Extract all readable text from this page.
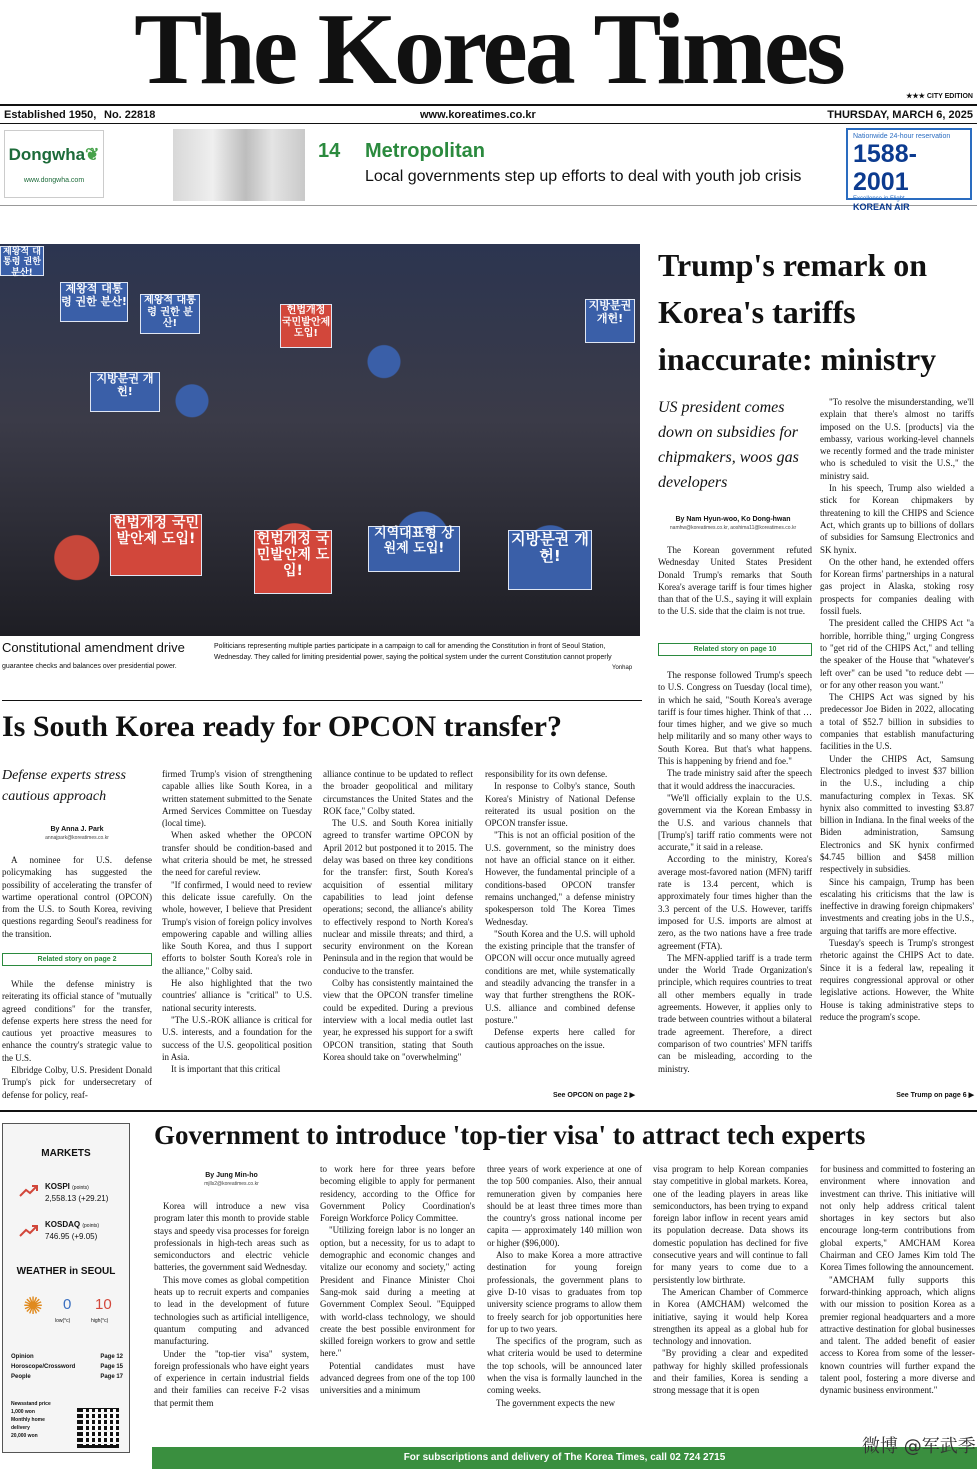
The Korea Times	★★★ CITY EDITION
Established 1950, No. 22818	www.koreatimes.co.kr	THURSDAY, MARCH 6, 2025
Dongwha❦
www.dongwha.com
14 Metropolitan
Local governments step up efforts to deal with youth job crisis
Nationwide 24-hour reservation
1588-2001
Excellence in Flight
KOREAN AIR
제왕적 대통령 권한 분산!
제왕적 대통령 권한 분산!	제왕적 대통령 권한 분산!
헌법개정 국민발안제 도입!
지방분권 개헌!
지방분권 개헌!
헌법개정 국민발안제 도입!	헌법개정 국민발안제 도입!
지역대표형 상원제 도입!
지방분권 개헌!
Constitutional amendment drive
guarantee checks and balances over presidential power.
Politicians representing multiple parties participate in a campaign to call for amending the Constitution in front of Seoul Station, Wednesday. They called for limiting presidential power, saying the political system under the current Constitution cannot properly
Yonhap
Trump's remark on Korea's tariffs inaccurate: ministry
US president comes down on subsidies for chipmakers, woos gas developers
By Nam Hyun-woo, Ko Dong-hwan
namhw@koreatimes.co.kr, aoshima11@koreatimes.co.kr

The Korean government refuted Wednesday United States President Donald Trump's remarks that South Korea's average tariff is four times higher than that of the U.S., saying it will explain to the U.S. side that the claim is not true.

Related story on page 10

The response followed Trump's speech to U.S. Congress on Tuesday (local time), in which he said, "South Korea's average tariff is four times higher. Think of that … four times higher, and we give so much help militarily and so many other ways to South Korea. But that's what happens. This is happening by friend and foe."

The trade ministry said after the speech that it would address the inaccuracies.

"We'll officially explain to the U.S. government via the Korean Embassy in the U.S. and various channels that [Trump's] tariff ratio comments were not accurate," it said in a release.

According to the ministry, Korea's average most-favored nation (MFN) tariff rate is 13.4 percent, which is approximately four times higher than the 3.3 percent of the U.S. However, tariffs imposed for U.S. imports are almost at zero, as the two nations have a free trade agreement (FTA).

The MFN-applied tariff is a trade term under the World Trade Organization's principle, which requires countries to treat all other members equally in trade agreements. However, it applies only to trade between countries without a bilateral trade agreement. Therefore, a direct comparison of two countries' MFN tariffs can be misleading, according to the ministry.

"To resolve the misunderstanding, we'll explain that there's almost no tariffs imposed on the U.S. [products] via the embassy, various working-level channels we recently formed and the trade minister who is scheduled to visit the U.S.," the ministry said.

In his speech, Trump also wielded a stick for Korean chipmakers by threatening to kill the CHIPS and Science Act, which grants up to billions of dollars of subsidies for Samsung Electronics and SK hynix.

On the other hand, he extended offers for Korean firms' partnerships in a natural gas project in Alaska, stoking rosy prospects for companies dealing with fossil fuels.

The president called the CHIPS Act "a horrible, horrible thing," urging Congress to "get rid of the CHIPS Act," and telling the speaker of the House that "whatever's left over" can be used "to reduce debt — or for any other reason you want."

The CHIPS Act was signed by his predecessor Joe Biden in 2022, allocating a total of $52.7 billion in subsidies to companies that establish manufacturing facilities in the U.S.

Under the CHIPS Act, Samsung Electronics pledged to invest $37 billion in the U.S., including a chip manufacturing complex in Texas. SK hynix also committed to investing $3.87 billion in Indiana. In the final weeks of the Biden administration, Samsung Electronics and SK hynix confirmed $4.745 billion and $458 million respectively in subsidies.

Since his campaign, Trump has been escalating his criticisms that the law is ineffective in drawing foreign chipmakers' investments and creating jobs in the U.S., arguing that tariffs are more effective.

Tuesday's speech is Trump's strongest rhetoric against the CHIPS Act to date. Since it is a federal law, repealing it requires congressional approval or other legislative actions. However, the White House is taking administrative steps to reduce the program's scope.

See Trump on page 6 ▶
Is South Korea ready for OPCON transfer?
Defense experts stress cautious approach
By Anna J. Park
annajpark@koreatimes.co.kr

A nominee for U.S. defense policymaking has suggested the possibility of accelerating the transfer of wartime operational control (OPCON) from the U.S. to South Korea, reviving questions regarding Seoul's readiness for the transition.

Related story on page 2

While the defense ministry is reiterating its official stance of "mutually agreed conditions" for the transfer, defense experts here stress the need for cautious yet proactive measures to enhance the country's strategic value to the U.S.

Elbridge Colby, U.S. President Donald Trump's pick for undersecretary of defense for policy, reaf-

firmed Trump's vision of strengthening capable allies like South Korea, in a written statement submitted to the Senate Armed Services Committee on Tuesday (local time).

When asked whether the OPCON transfer should be condition-based and what criteria should be met, he stressed the need for careful review.

"If confirmed, I would need to review this delicate issue carefully. On the whole, however, I believe that President Trump's vision of foreign policy involves empowering capable and willing allies like South Korea, and thus I support efforts to bolster South Korea's role in the alliance," Colby said.

He also highlighted that the two countries' alliance is "critical" to U.S. national security interests.

"The U.S.-ROK alliance is critical for U.S. interests, and a foundation for the success of the U.S. geopolitical position in Asia.

It is important that this critical

alliance continue to be updated to reflect the broader geopolitical and military circumstances the United States and the ROK face," Colby stated.

The U.S. and South Korea initially agreed to transfer wartime OPCON by April 2012 but postponed it to 2015. The delay was based on three key conditions for the transfer: first, South Korea's acquisition of essential military capabilities to lead joint defense operations; second, the alliance's ability to effectively respond to North Korea's nuclear and missile threats; and third, a security environment on the Korean Peninsula and in the region that would be conducive to the transfer.

Colby has consistently maintained the view that the OPCON transfer timeline could be expedited. During a previous interview with a local media outlet last year, he expressed his support for a swift OPCON transition, stating that South Korea should take on "overwhelming"

responsibility for its own defense.

In response to Colby's stance, South Korea's Ministry of National Defense reiterated its usual position on the OPCON transfer issue.

"This is not an official position of the U.S. government, so the ministry does not have an official stance on it either. However, the fundamental principle of a conditions-based OPCON transfer remains unchanged," a defense ministry spokesperson told The Korea Times Wednesday.

"South Korea and the U.S. will uphold the existing principle that the transfer of OPCON will occur once mutually agreed conditions are met, while systematically and steadily advancing the transfer in a way that further strengthens the ROK-U.S. alliance and combined defense posture."

Defense experts here called for cautious approaches on the issue.

See OPCON on page 2 ▶
MARKETS
KOSPI (points)
2,558.13 (+29.21)
KOSDAQ (points)
746.95 (+9.05)
WEATHER in SEOUL
✺ 0 10
low(°c)	high(°c)
Opinion	Page 12
Horoscope/Crossword	Page 15
People	Page 17
Newsstand price
1,000 won
Monthly home
delivery
20,000 won
Government to introduce 'top-tier visa' to attract tech experts
By Jung Min-ho
mjlls2@koreatimes.co.kr

Korea will introduce a new visa program later this month to provide stable stays and speedy visa processes for foreign professionals in high-tech areas such as semiconductors and electric vehicle batteries, the government said Wednesday.

This move comes as global competition heats up to recruit experts and companies to lead in the development of future technologies such as artificial intelligence, quantum computing and advanced manufacturing.

Under the "top-tier visa" system, foreign professionals who have eight years of experience in certain industrial fields and their families can receive F-2 visas that permit them

to work here for three years before becoming eligible to apply for permanent residency, according to the Office for Government Policy Coordination's Foreign Workforce Policy Committee.

"Utilizing foreign labor is no longer an option, but a necessity, for us to adapt to demographic and economic changes and vitalize our economy and society," acting President and Finance Minister Choi Sang-mok said during a meeting at Government Complex Seoul. "Equipped with world-class technology, we should create the best possible environment for skilled foreign workers to grow and settle here."

Potential candidates must have advanced degrees from one of the top 100 universities and a minimum

three years of work experience at one of the top 500 companies. Also, their annual remuneration given by companies here should be at least three times more than the country's gross national income per capita — approximately 140 million won or higher ($96,000).

Also to make Korea a more attractive destination for young foreign professionals, the government plans to give D-10 visas to graduates from top university science programs to allow them to freely search for job opportunities here for up to two years.

The specifics of the program, such as what criteria would be used to determine the top schools, will be announced later when the visa is formally launched in the coming weeks.

The government expects the new

visa program to help Korean companies stay competitive in global markets. Korea, one of the leading players in areas like semiconductors, has been trying to expand foreign labor inflow in recent years amid its population decrease. Data shows its domestic population has declined for five consecutive years and will continue to fall for many years to come due to a persistently low birthrate.

The American Chamber of Commerce in Korea (AMCHAM) welcomed the initiative, saying it would help Korea strengthen its appeal as a global hub for technology and innovation.

"By providing a clear and expedited pathway for highly skilled professionals and their families, Korea is sending a strong message that it is open

for business and committed to fostering an environment where innovation and investment can thrive. This initiative will not only help address critical talent shortages in key sectors but also encourage long-term contributions from global experts," AMCHAM Korea Chairman and CEO James Kim told The Korea Times following the announcement.

"AMCHAM fully supports this forward-thinking approach, which aligns with our mission to position Korea as a premier regional headquarters and a more attractive destination for global businesses and talent. The added benefit of easier access to Korea from some of the lesser-known countries will further expand the talent pool, fostering a more diverse and dynamic business environment."

For subscriptions and delivery of The Korea Times, call 02 724 2715
微博 @军武季
